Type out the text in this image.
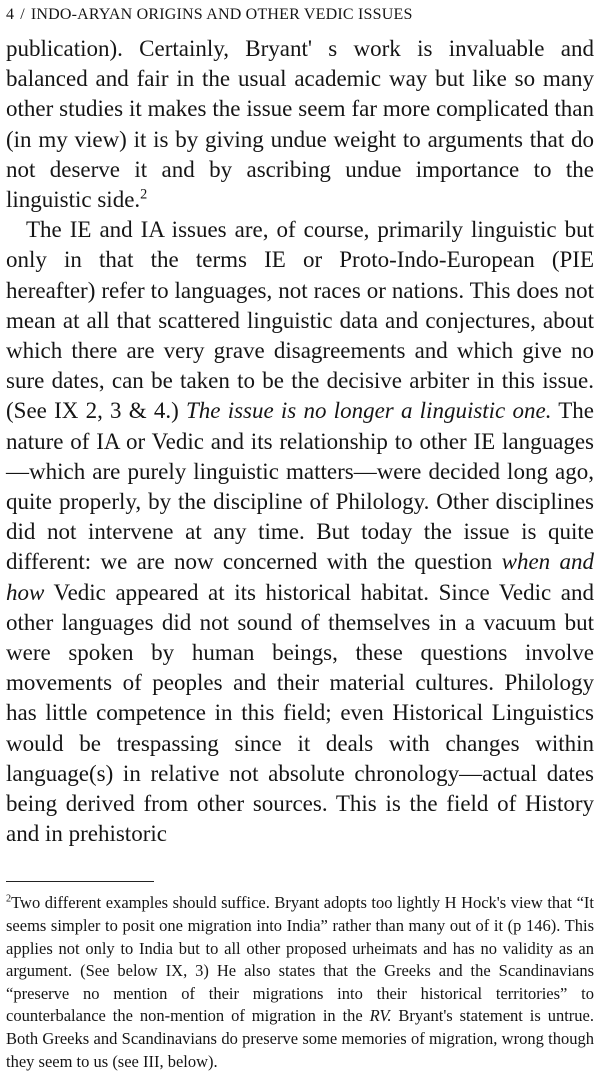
4 / INDO-ARYAN ORIGINS AND OTHER VEDIC ISSUES

publication). Certainly, Bryant' s work is invaluable and balanced and fair in the usual academic way but like so many other studies it makes the issue seem far more complicated than (in my view) it is by giving undue weight to arguments that do not deserve it and by ascribing undue importance to the linguistic side.$^2$

The IE and IA issues are, of course, primarily linguistic but only in that the terms IE or Proto-Indo-European (PIE hereafter) refer to languages, not races or nations. This does not mean at all that scattered linguistic data and conjectures, about which there are very grave disagreements and which give no sure dates, can be taken to be the decisive arbiter in this issue. (See IX 2, 3 & 4.) The issue is no longer a linguistic one. The nature of IA or Vedic and its relationship to other IE languages—which are purely linguistic matters—were decided long ago, quite properly, by the discipline of Philology. Other disciplines did not intervene at any time. But today the issue is quite different: we are now concerned with the question when and how Vedic appeared at its historical habitat. Since Vedic and other languages did not sound of themselves in a vacuum but were spoken by human beings, these questions involve movements of peoples and their material cultures. Philology has little competence in this field; even Historical Linguistics would be trespassing since it deals with changes within language(s) in relative not absolute chronology—actual dates being derived from other sources. This is the field of History and in prehistoric

$^2$Two different examples should suffice. Bryant adopts too lightly H Hock's view that “It seems simpler to posit one migration into India” rather than many out of it (p 146). This applies not only to India but to all other proposed urheimats and has no validity as an argument. (See below IX, 3) He also states that the Greeks and the Scandinavians “preserve no mention of their migrations into their historical territories” to counterbalance the non-mention of migration in the RV. Bryant's statement is untrue. Both Greeks and Scandinavians do preserve some memories of migration, wrong though they seem to us (see III, below).
